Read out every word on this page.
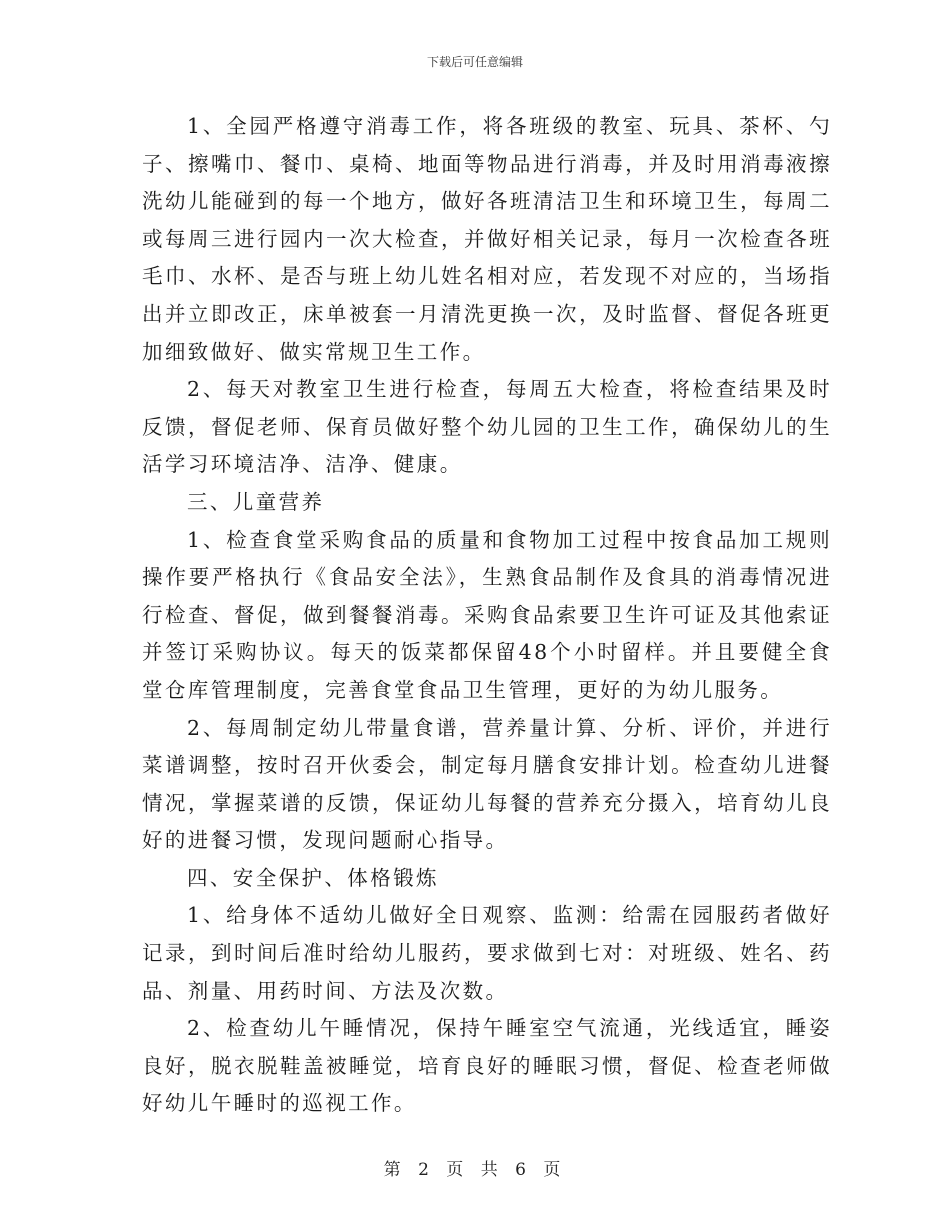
下载后可任意编辑

1、全园严格遵守消毒工作，将各班级的教室、玩具、茶杯、勺子、擦嘴巾、餐巾、桌椅、地面等物品进行消毒，并及时用消毒液擦洗幼儿能碰到的每一个地方，做好各班清洁卫生和环境卫生，每周二或每周三进行园内一次大检查，并做好相关记录，每月一次检查各班毛巾、水杯、是否与班上幼儿姓名相对应，若发现不对应的，当场指出并立即改正，床单被套一月清洗更换一次，及时监督、督促各班更加细致做好、做实常规卫生工作。

2、每天对教室卫生进行检查，每周五大检查，将检查结果及时反馈，督促老师、保育员做好整个幼儿园的卫生工作，确保幼儿的生活学习环境洁净、洁净、健康。

三、儿童营养

1、检查食堂采购食品的质量和食物加工过程中按食品加工规则操作要严格执行《食品安全法》，生熟食品制作及食具的消毒情况进行检查、督促，做到餐餐消毒。采购食品索要卫生许可证及其他索证并签订采购协议。每天的饭菜都保留48个小时留样。并且要健全食堂仓库管理制度，完善食堂食品卫生管理，更好的为幼儿服务。

2、每周制定幼儿带量食谱，营养量计算、分析、评价，并进行菜谱调整，按时召开伙委会，制定每月膳食安排计划。检查幼儿进餐情况，掌握菜谱的反馈，保证幼儿每餐的营养充分摄入，培育幼儿良好的进餐习惯，发现问题耐心指导。

四、安全保护、体格锻炼

1、给身体不适幼儿做好全日观察、监测：给需在园服药者做好记录，到时间后准时给幼儿服药，要求做到七对：对班级、姓名、药品、剂量、用药时间、方法及次数。

2、检查幼儿午睡情况，保持午睡室空气流通，光线适宜，睡姿良好，脱衣脱鞋盖被睡觉，培育良好的睡眠习惯，督促、检查老师做好幼儿午睡时的巡视工作。

第 2 页 共 6 页
